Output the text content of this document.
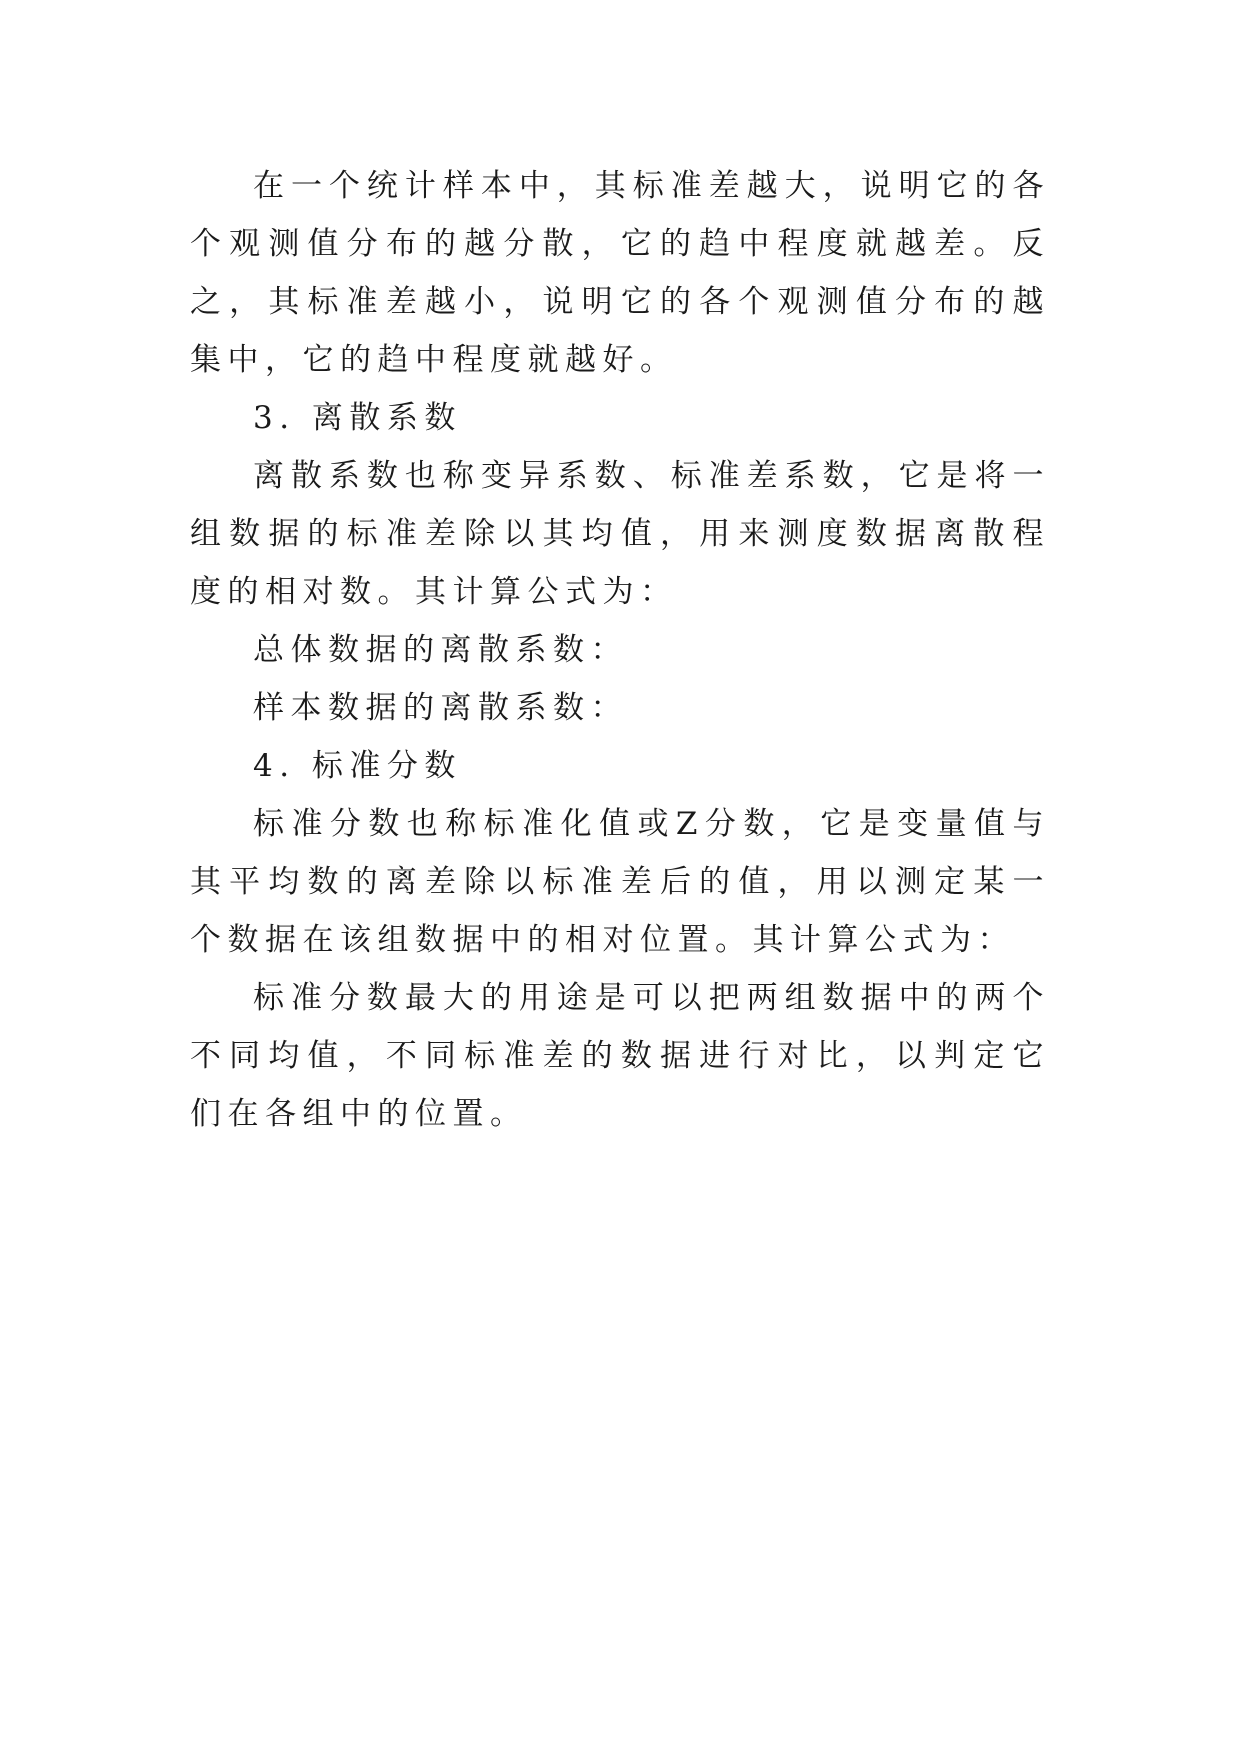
在一个统计样本中，其标准差越大，说明它的各个观测值分布的越分散，它的趋中程度就越差。反之，其标准差越小，说明它的各个观测值分布的越集中，它的趋中程度就越好。

3. 离散系数

离散系数也称变异系数、标准差系数，它是将一组数据的标准差除以其均值，用来测度数据离散程度的相对数。其计算公式为：

总体数据的离散系数：

样本数据的离散系数：

4. 标准分数

标准分数也称标准化值或Z分数，它是变量值与其平均数的离差除以标准差后的值，用以测定某一个数据在该组数据中的相对位置。其计算公式为：

标准分数最大的用途是可以把两组数据中的两个不同均值，不同标准差的数据进行对比，以判定它们在各组中的位置。
